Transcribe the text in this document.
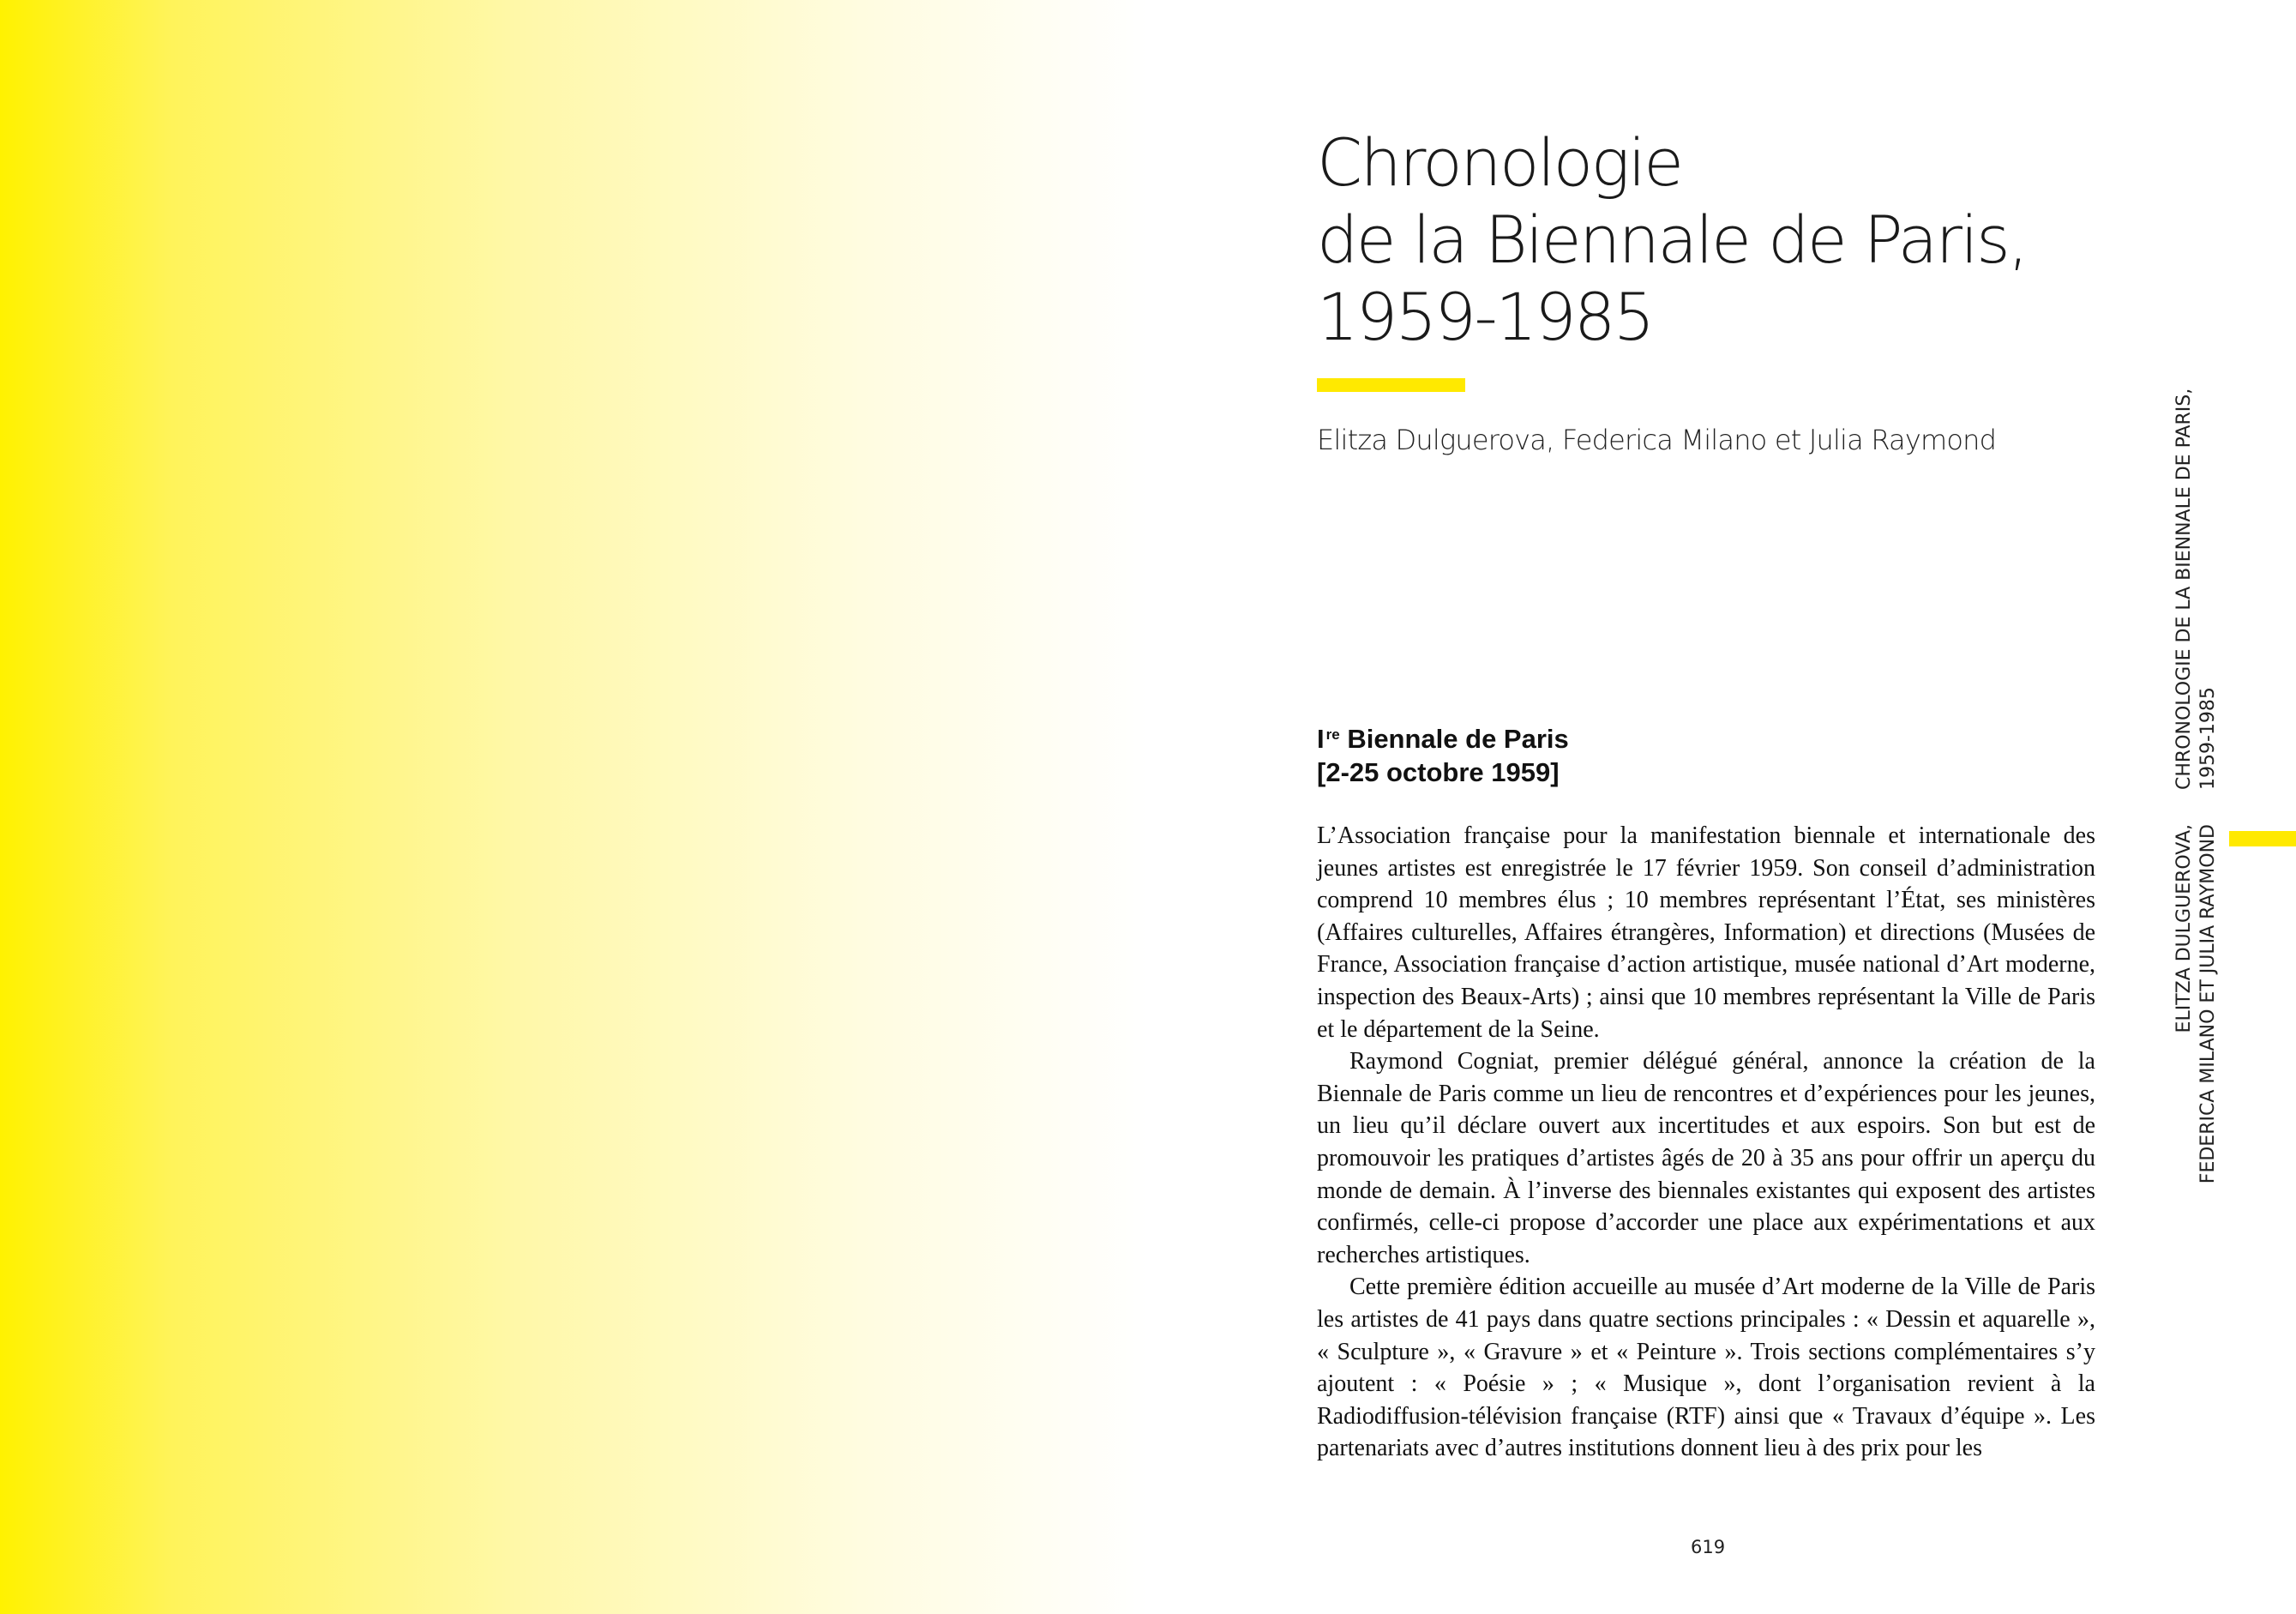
Chronologie
de la Biennale de Paris,
1959-1985
Elitza Dulguerova, Federica Milano et Julia Raymond
I $^{re}$ Biennale de Paris
[2-25 octobre 1959]

L’Association française pour la manifestation biennale et internationale des jeunes artistes est enregistrée le 17 février 1959. Son conseil d’administration comprend 10 membres élus ; 10 membres représentant l’État, ses ministères (Affaires culturelles, Affaires étrangères, Information) et directions (Musées de France, Association française d’action artistique, musée national d’Art moderne, inspection des Beaux-Arts) ; ainsi que 10 membres représentant la Ville de Paris et le département de la Seine.

Raymond Cogniat, premier délégué général, annonce la création de la Biennale de Paris comme un lieu de rencontres et d’expériences pour les jeunes, un lieu qu’il déclare ouvert aux incertitudes et aux espoirs. Son but est de promouvoir les pratiques d’artistes âgés de 20 à 35 ans pour offrir un aperçu du monde de demain. À l’inverse des biennales existantes qui exposent des artistes confirmés, celle-ci propose d’accorder une place aux expérimentations et aux recherches artistiques.

Cette première édition accueille au musée d’Art moderne de la Ville de Paris les artistes de 41 pays dans quatre sections principales : « Dessin et aquarelle », « Sculpture », « Gravure » et « Peinture ». Trois sections complémentaires s’y ajoutent : « Poésie » ; « Musique », dont l’organisation revient à la Radiodiffusion-télévision française (RTF) ainsi que « Travaux d’équipe ». Les partenariats avec d’autres institutions donnent lieu à des prix pour les

619
CHRONOLOGIE DE LA BIENNALE DE PARIS, 1959-1985
ELITZA DULGUEROVA, FEDERICA MILANO ET JULIA RAYMOND
